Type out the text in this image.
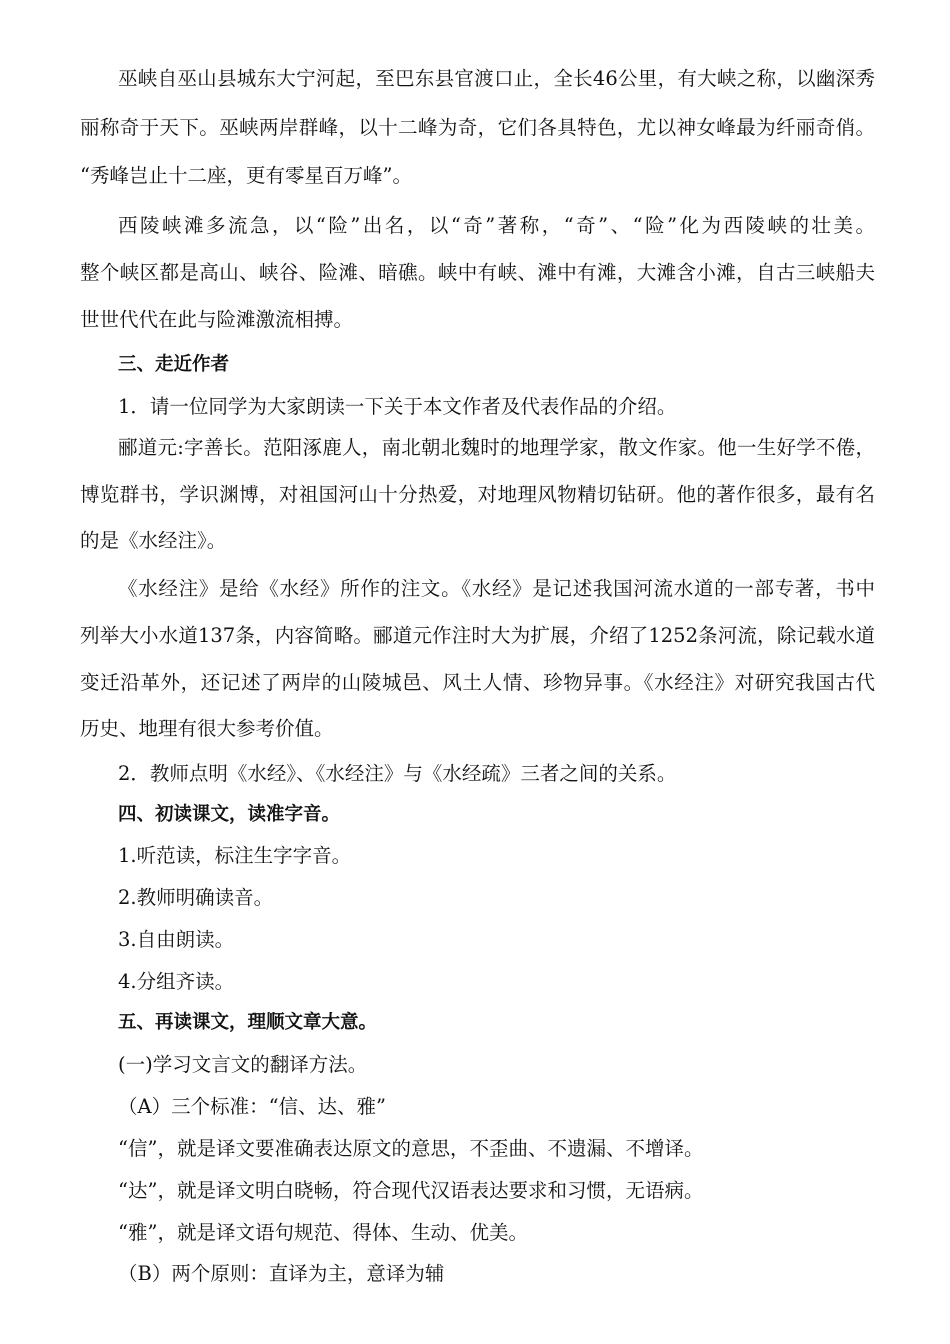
巫峡自巫山县城东大宁河起，至巴东县官渡口止，全长46公里，有大峡之称，以幽深秀
丽称奇于天下。巫峡两岸群峰，以十二峰为奇，它们各具特色，尤以神女峰最为纤丽奇俏。
“秀峰岂止十二座，更有零星百万峰”。
西陵峡滩多流急，以“险”出名，以“奇”著称，“奇”、“险”化为西陵峡的壮美。
整个峡区都是高山、峡谷、险滩、暗礁。峡中有峡、滩中有滩，大滩含小滩，自古三峡船夫
世世代代在此与险滩激流相搏。
三、走近作者
1．请一位同学为大家朗读一下关于本文作者及代表作品的介绍。
郦道元:字善长。范阳涿鹿人，南北朝北魏时的地理学家，散文作家。他一生好学不倦，
博览群书，学识渊博，对祖国河山十分热爱，对地理风物精切钻研。他的著作很多，最有名
的是《水经注》。
《水经注》是给《水经》所作的注文。《水经》是记述我国河流水道的一部专著，书中
列举大小水道137条，内容简略。郦道元作注时大为扩展，介绍了1252条河流，除记载水道
变迁沿革外，还记述了两岸的山陵城邑、风土人情、珍物异事。《水经注》对研究我国古代
历史、地理有很大参考价值。
2．教师点明《水经》、《水经注》与《水经疏》三者之间的关系。
四、初读课文，读准字音。
1.听范读，标注生字字音。
2.教师明确读音。
3.自由朗读。
4.分组齐读。
五、再读课文，理顺文章大意。
(一)学习文言文的翻译方法。
（A）三个标准：“信、达、雅”
“信”，就是译文要准确表达原文的意思，不歪曲、不遗漏、不增译。
“达”，就是译文明白晓畅，符合现代汉语表达要求和习惯，无语病。
“雅”，就是译文语句规范、得体、生动、优美。
（B）两个原则：直译为主，意译为辅
